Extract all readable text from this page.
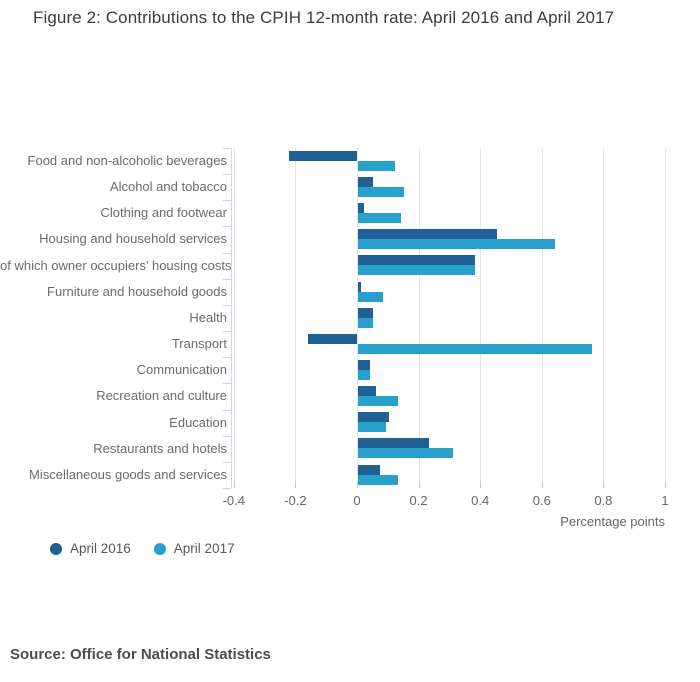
Figure 2: Contributions to the CPIH 12-month rate: April 2016 and April 2017
-0.4	-0.2	0	0.2	0.4	0.6	0.8	1
Food and non-alcoholic beverages
Alcohol and tobacco
Clothing and footwear
Housing and household services
of which owner occupiers’ housing costs
Furniture and household goods
Health
Transport
Communication
Recreation and culture
Education
Restaurants and hotels
Miscellaneous goods and services
Percentage points
April 2016	April 2017
Source: Office for National Statistics
